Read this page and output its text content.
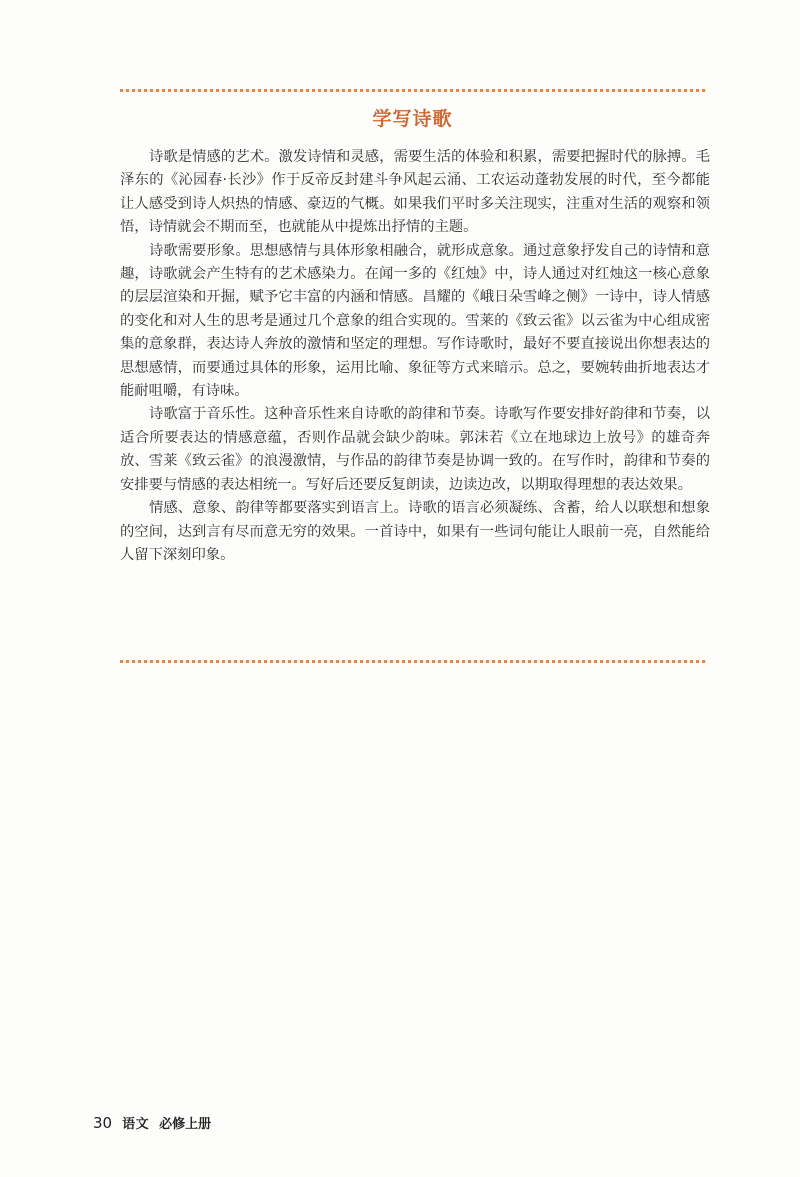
学写诗歌

诗歌是情感的艺术。激发诗情和灵感，需要生活的体验和积累，需要把握时代的脉搏。毛泽东的《沁园春·长沙》作于反帝反封建斗争风起云涌、工农运动蓬勃发展的时代，至今都能让人感受到诗人炽热的情感、豪迈的气概。如果我们平时多关注现实，注重对生活的观察和领悟，诗情就会不期而至，也就能从中提炼出抒情的主题。

诗歌需要形象。思想感情与具体形象相融合，就形成意象。通过意象抒发自己的诗情和意趣，诗歌就会产生特有的艺术感染力。在闻一多的《红烛》中，诗人通过对红烛这一核心意象的层层渲染和开掘，赋予它丰富的内涵和情感。昌耀的《峨日朵雪峰之侧》一诗中，诗人情感的变化和对人生的思考是通过几个意象的组合实现的。雪莱的《致云雀》以云雀为中心组成密集的意象群，表达诗人奔放的激情和坚定的理想。写作诗歌时，最好不要直接说出你想表达的思想感情，而要通过具体的形象，运用比喻、象征等方式来暗示。总之，要婉转曲折地表达才能耐咀嚼，有诗味。

诗歌富于音乐性。这种音乐性来自诗歌的韵律和节奏。诗歌写作要安排好韵律和节奏，以适合所要表达的情感意蕴，否则作品就会缺少韵味。郭沫若《立在地球边上放号》的雄奇奔放、雪莱《致云雀》的浪漫激情，与作品的韵律节奏是协调一致的。在写作时，韵律和节奏的安排要与情感的表达相统一。写好后还要反复朗读，边读边改，以期取得理想的表达效果。

情感、意象、韵律等都要落实到语言上。诗歌的语言必须凝练、含蓄，给人以联想和想象的空间，达到言有尽而意无穷的效果。一首诗中，如果有一些词句能让人眼前一亮，自然能给人留下深刻印象。

30 语文 必修上册
